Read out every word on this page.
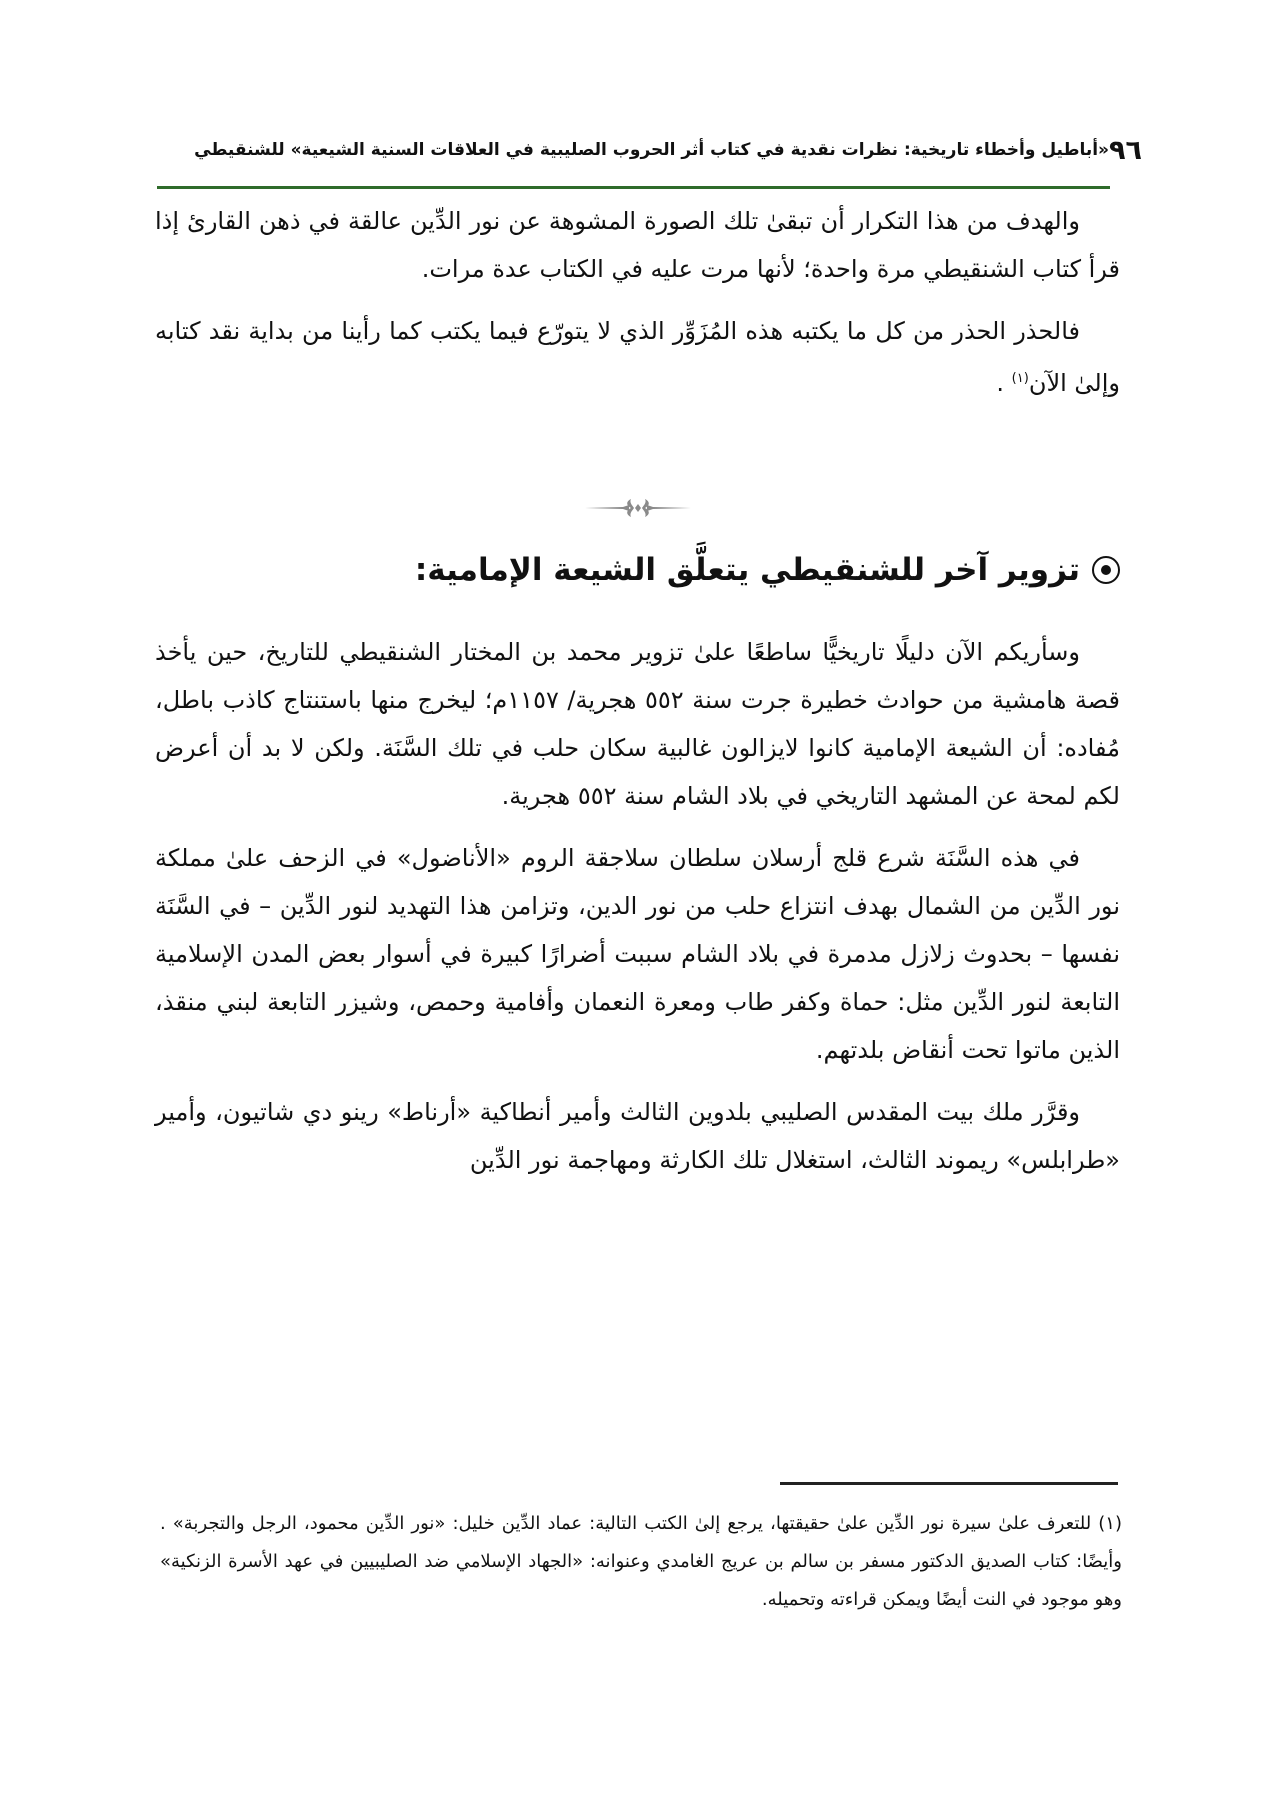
٩٦
«أباطيل وأخطاء تاريخية: نظرات نقدية في كتاب أثر الحروب الصليبية في العلاقات السنية الشيعية» للشنقيطي

والهدف من هذا التكرار أن تبقىٰ تلك الصورة المشوهة عن نور الدِّين عالقة في ذهن القارئ إذا قرأ كتاب الشنقيطي مرة واحدة؛ لأنها مرت عليه في الكتاب عدة مرات.

فالحذر الحذر من كل ما يكتبه هذه المُزَوِّر الذي لا يتورّع فيما يكتب كما رأينا من بداية نقد كتابه وإلىٰ الآن$^{(١)}$ .

تزوير آخر للشنقيطي يتعلَّق الشيعة الإمامية:

وسأريكم الآن دليلًا تاريخيًّا ساطعًا علىٰ تزوير محمد بن المختار الشنقيطي للتاريخ، حين يأخذ قصة هامشية من حوادث خطيرة جرت سنة ٥٥٢ هجرية/ ١١٥٧م؛ ليخرج منها باستنتاج كاذب باطل، مُفاده: أن الشيعة الإمامية كانوا لايزالون غالبية سكان حلب في تلك السَّنَة. ولكن لا بد أن أعرض لكم لمحة عن المشهد التاريخي في بلاد الشام سنة ٥٥٢ هجرية.

في هذه السَّنَة شرع قلج أرسلان سلطان سلاجقة الروم «الأناضول» في الزحف علىٰ مملكة نور الدِّين من الشمال بهدف انتزاع حلب من نور الدين، وتزامن هذا التهديد لنور الدِّين – في السَّنَة نفسها – بحدوث زلازل مدمرة في بلاد الشام سببت أضرارًا كبيرة في أسوار بعض المدن الإسلامية التابعة لنور الدِّين مثل: حماة وكفر طاب ومعرة النعمان وأفامية وحمص، وشيزر التابعة لبني منقذ، الذين ماتوا تحت أنقاض بلدتهم.

وقرَّر ملك بيت المقدس الصليبي بلدوين الثالث وأمير أنطاكية «أرناط» رينو دي شاتيون، وأمير «طرابلس» ريموند الثالث، استغلال تلك الكارثة ومهاجمة نور الدِّين

(١) للتعرف علىٰ سيرة نور الدِّين علىٰ حقيقتها، يرجع إلىٰ الكتب التالية: عماد الدِّين خليل: «نور الدِّين محمود، الرجل والتجربة» . وأيضًا: كتاب الصديق الدكتور مسفر بن سالم بن عريج الغامدي وعنوانه: «الجهاد الإسلامي ضد الصليبيين في عهد الأسرة الزنكية» وهو موجود في النت أيضًا ويمكن قراءته وتحميله.
